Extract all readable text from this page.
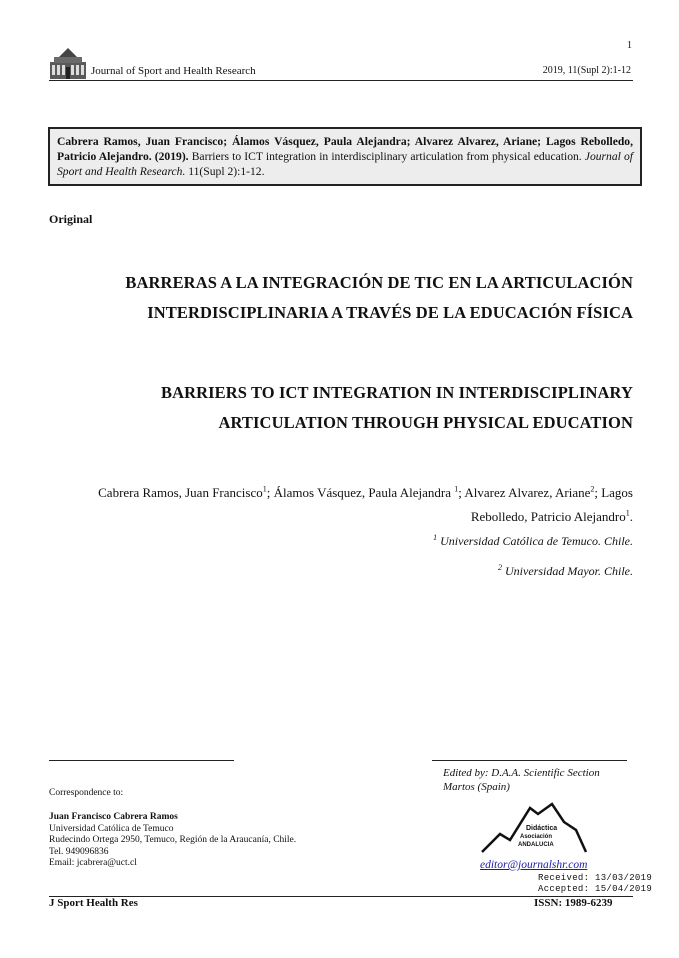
1
Journal of Sport and Health Research	2019, 11(Supl 2):1-12
Cabrera Ramos, Juan Francisco; Álamos Vásquez, Paula Alejandra; Alvarez Alvarez, Ariane; Lagos Rebolledo, Patricio Alejandro. (2019). Barriers to ICT integration in interdisciplinary articulation from physical education. Journal of Sport and Health Research. 11(Supl 2):1-12.
Original
BARRERAS A LA INTEGRACIÓN DE TIC EN LA ARTICULACIÓN
INTERDISCIPLINARIA A TRAVÉS DE LA EDUCACIÓN FÍSICA
BARRIERS TO ICT INTEGRATION IN INTERDISCIPLINARY
ARTICULATION THROUGH PHYSICAL EDUCATION
Cabrera Ramos, Juan Francisco$^1$; Álamos Vásquez, Paula Alejandra $^1$; Alvarez Alvarez, Ariane$^2$; Lagos Rebolledo, Patricio Alejandro$^1$.
$^1$ Universidad Católica de Temuco. Chile.
$^2$ Universidad Mayor. Chile.
Correspondence to:
Juan Francisco Cabrera Ramos
Universidad Católica de Temuco
Rudecindo Ortega 2950, Temuco, Región de la Araucanía, Chile.
Tel. 949096836
Email: jcabrera@uct.cl
Edited by: D.A.A. Scientific Section
Martos (Spain)
Didáctica
Asociación
ANDALUCIA
editor@journalshr.com
Received: 13/03/2019
Accepted: 15/04/2019
J Sport Health Res	ISSN: 1989-6239
